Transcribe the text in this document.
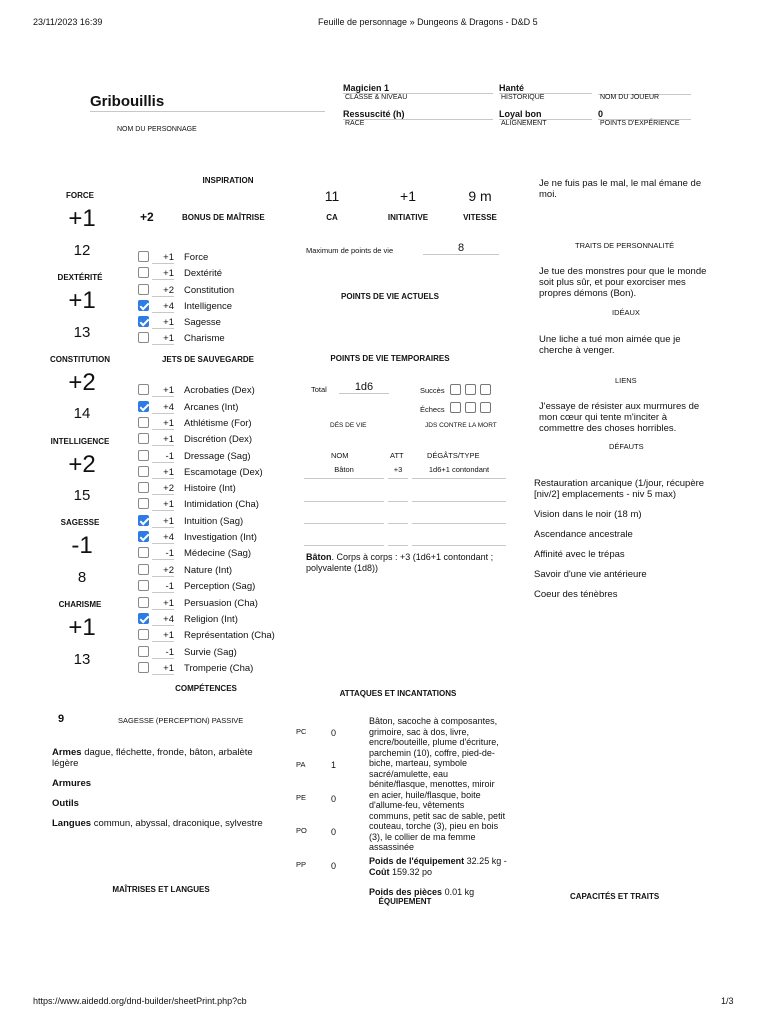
23/11/2023 16:39	Feuille de personnage » Dungeons & Dragons - D&D 5
Gribouillis
NOM DU PERSONNAGE
Magicien 1
CLASSE & NIVEAU
Hanté
HISTORIQUE	NOM DU JOUEUR
Ressuscité (h)
RACE
Loyal bon
ALIGNEMENT
0
POINTS D'EXPÉRIENCE
FORCE
+1
12
DEXTÉRITÉ
+1
13
CONSTITUTION
+2
14
INTELLIGENCE
+2
15
SAGESSE
-1
8
CHARISME
+1
13
INSPIRATION
+2	BONUS DE MAÎTRISE
+1 Force
+1 Dextérité
+2 Constitution
+4 Intelligence
+1 Sagesse
+1 Charisme
JETS DE SAUVEGARDE
+1 Acrobaties (Dex)
+4 Arcanes (Int)
+1 Athlétisme (For)
+1 Discrétion (Dex)
-1 Dressage (Sag)
+1 Escamotage (Dex)
+2 Histoire (Int)
+1 Intimidation (Cha)
+1 Intuition (Sag)
+4 Investigation (Int)
-1 Médecine (Sag)
+2 Nature (Int)
-1 Perception (Sag)
+1 Persuasion (Cha)
+4 Religion (Int)
+1 Représentation (Cha)
-1 Survie (Sag)
+1 Tromperie (Cha)
COMPÉTENCES
9	SAGESSE (PERCEPTION) PASSIVE
Armes dague, fléchette, fronde, bâton, arbalète légère
Armures
Outils
Langues commun, abyssal, draconique, sylvestre
MAÎTRISES ET LANGUES
11
CA
+1
INITIATIVE
9 m
VITESSE
Maximum de points de vie	8
POINTS DE VIE ACTUELS
POINTS DE VIE TEMPORAIRES
Total	1d6
DÉS DE VIE
Succès
Échecs
JDS CONTRE LA MORT
NOM	ATT	DÉGÂTS/TYPE
Bâton	+3	1d6+1 contondant
Bâton. Corps à corps : +3 (1d6+1 contondant ; polyvalente (1d8))
ATTAQUES ET INCANTATIONS
PC	0
PA	1
PE	0
PO	0
PP	0
Bâton, sacoche à composantes, grimoire, sac à dos, livre, encre/bouteille, plume d'écriture, parchemin (10), coffre, pied-de-biche, marteau, symbole sacré/amulette, eau bénite/flasque, menottes, miroir en acier, huile/flasque, boite d'allume-feu, vêtements communs, petit sac de sable, petit couteau, torche (3), pieu en bois (3), le collier de ma femme assassinée
Poids de l'équipement 32.25 kg - Coût 159.32 po
Poids des pièces 0.01 kg
ÉQUIPEMENT
Je ne fuis pas le mal, le mal émane de moi.
TRAITS DE PERSONNALITÉ
Je tue des monstres pour que le monde soit plus sûr, et pour exorciser mes propres démons (Bon).
IDÉAUX
Une liche a tué mon aimée que je cherche à venger.
LIENS
J'essaye de résister aux murmures de mon cœur qui tente m'inciter à commettre des choses horribles.
DÉFAUTS
Restauration arcanique (1/jour, récupère [niv/2] emplacements - niv 5 max)
Vision dans le noir (18 m)
Ascendance ancestrale
Affinité avec le trépas
Savoir d'une vie antérieure
Coeur des ténèbres
CAPACITÉS ET TRAITS
https://www.aidedd.org/dnd-builder/sheetPrint.php?cb	1/3
